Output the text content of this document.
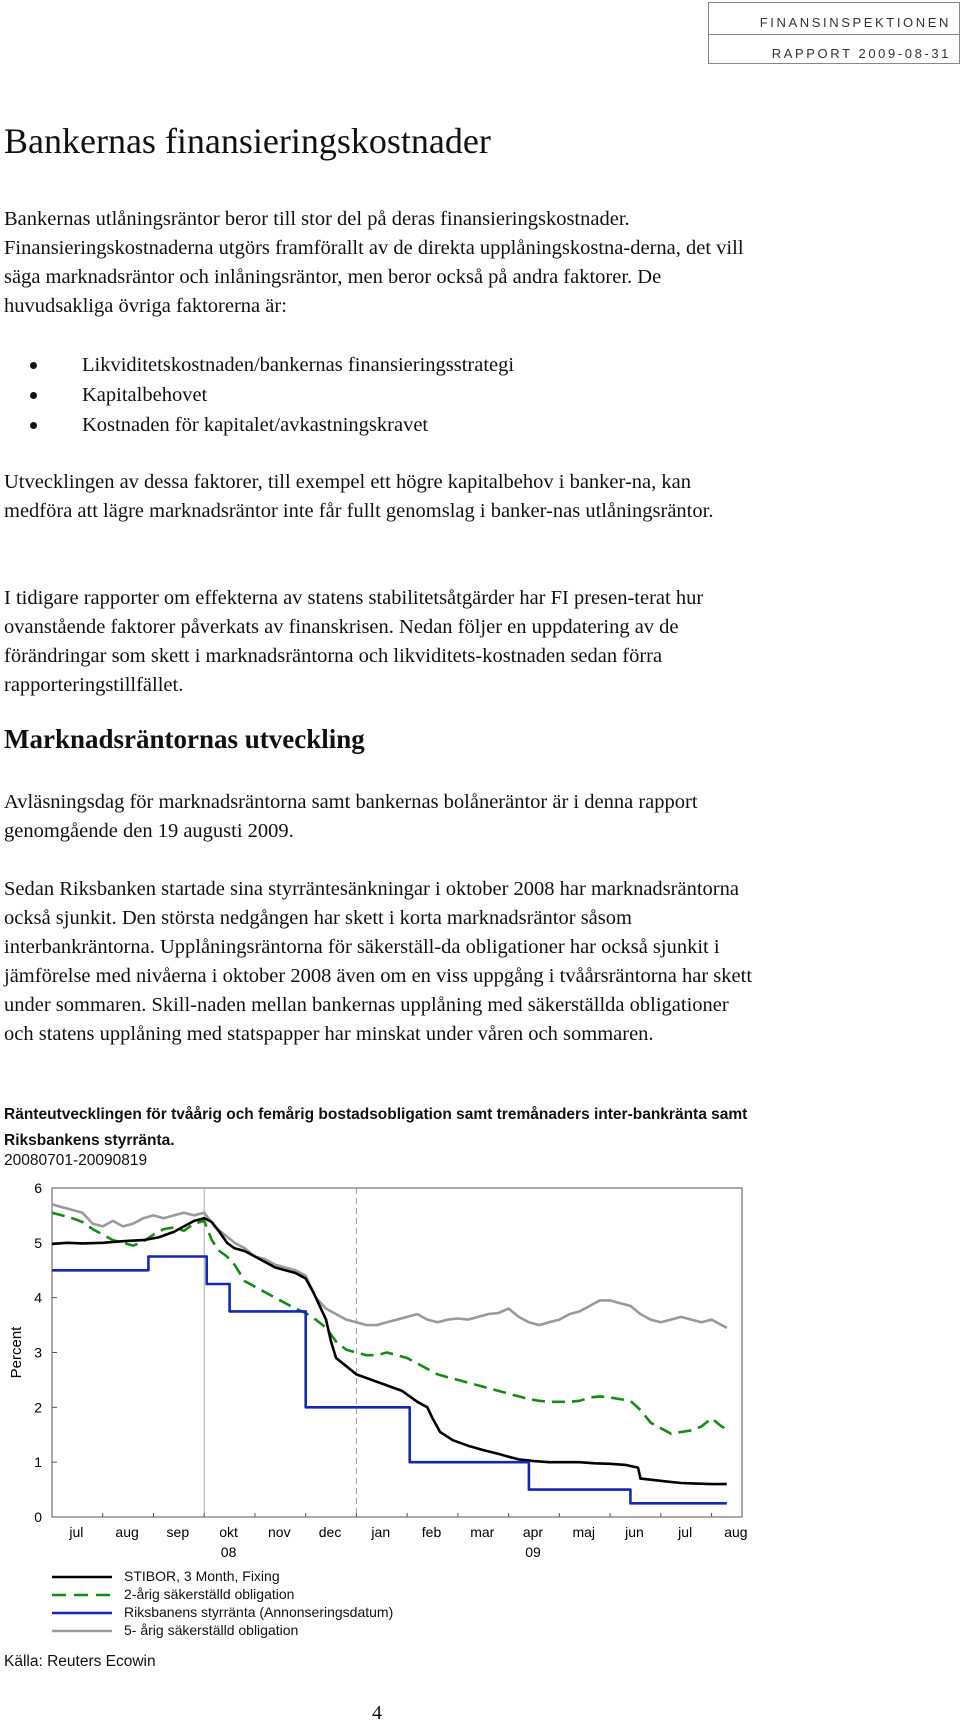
FINANSINSPEKTIONEN
RAPPORT 2009-08-31
Bankernas finansieringskostnader

Bankernas utlåningsräntor beror till stor del på deras finansieringskostnader. Finansieringskostnaderna utgörs framförallt av de direkta upplåningskostna-derna, det vill säga marknadsräntor och inlåningsräntor, men beror också på andra faktorer. De huvudsakliga övriga faktorerna är:

Likviditetskostnaden/bankernas finansieringsstrategi
Kapitalbehovet
Kostnaden för kapitalet/avkastningskravet

Utvecklingen av dessa faktorer, till exempel ett högre kapitalbehov i banker-na, kan medföra att lägre marknadsräntor inte får fullt genomslag i banker-nas utlåningsräntor.

I tidigare rapporter om effekterna av statens stabilitetsåtgärder har FI presen-terat hur ovanstående faktorer påverkats av finanskrisen. Nedan följer en uppdatering av de förändringar som skett i marknadsräntorna och likviditets-kostnaden sedan förra rapporteringstillfället.

Marknadsräntornas utveckling

Avläsningsdag för marknadsräntorna samt bankernas bolåneräntor är i denna rapport genomgående den 19 augusti 2009.

Sedan Riksbanken startade sina styrräntesänkningar i oktober 2008 har marknadsräntorna också sjunkit. Den största nedgången har skett i korta marknadsräntor såsom interbankräntorna. Upplåningsräntorna för säkerställ-da obligationer har också sjunkit i jämförelse med nivåerna i oktober 2008 även om en viss uppgång i tvåårsräntorna har skett under sommaren. Skill-naden mellan bankernas upplåning med säkerställda obligationer och statens upplåning med statspapper har minskat under våren och sommaren.

Ränteutvecklingen för tvåårig och femårig bostadsobligation samt tremånaders inter-bankränta samt Riksbankens styrränta.
20080701-20090819
0
1
2
3
4
5
6
Percent
jul aug sep okt nov dec jan feb mar apr maj jun jul aug
08	09
STIBOR, 3 Month, Fixing
2-årig säkerställd obligation
Riksbanens styrränta (Annonseringsdatum)
5- årig säkerställd obligation
Källa: Reuters Ecowin
4
